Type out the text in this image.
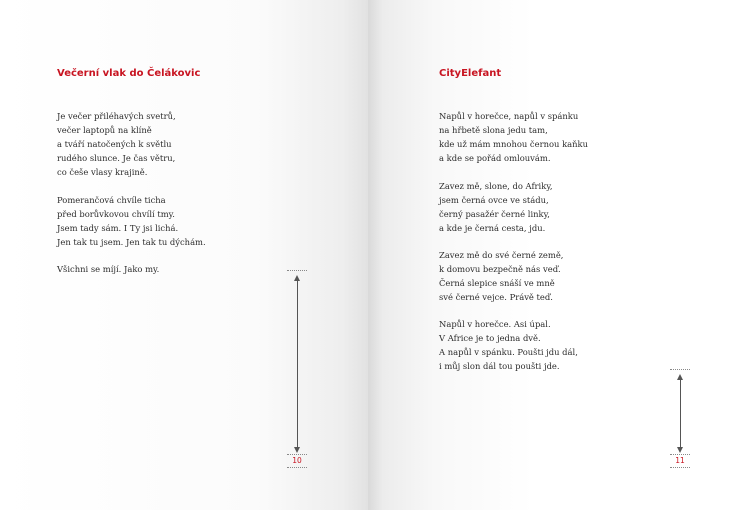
Večerní vlak do Čelákovic
Je večer přiléhavých svetrů,
večer laptopů na klíně
a tváří natočených k světlu
rudého slunce. Je čas větru,
co češe vlasy krajině.
Pomerančová chvíle ticha
před borůvkovou chvílí tmy.
Jsem tady sám. I Ty jsi lichá.
Jen tak tu jsem. Jen tak tu dýchám.
Všichni se míjí. Jako my.
10
CityElefant
Napůl v horečce, napůl v spánku
na hřbetě slona jedu tam,
kde už mám mnohou černou kaňku
a kde se pořád omlouvám.
Zavez mě, slone, do Afriky,
jsem černá ovce ve stádu,
černý pasažér černé linky,
a kde je černá cesta, jdu.
Zavez mě do své černé země,
k domovu bezpečně nás veď.
Černá slepice snáší ve mně
své černé vejce. Právě teď.
Napůl v horečce. Asi úpal.
V Africe je to jedna dvě.
A napůl v spánku. Poušti jdu dál,
i můj slon dál tou poušti jde.
11
